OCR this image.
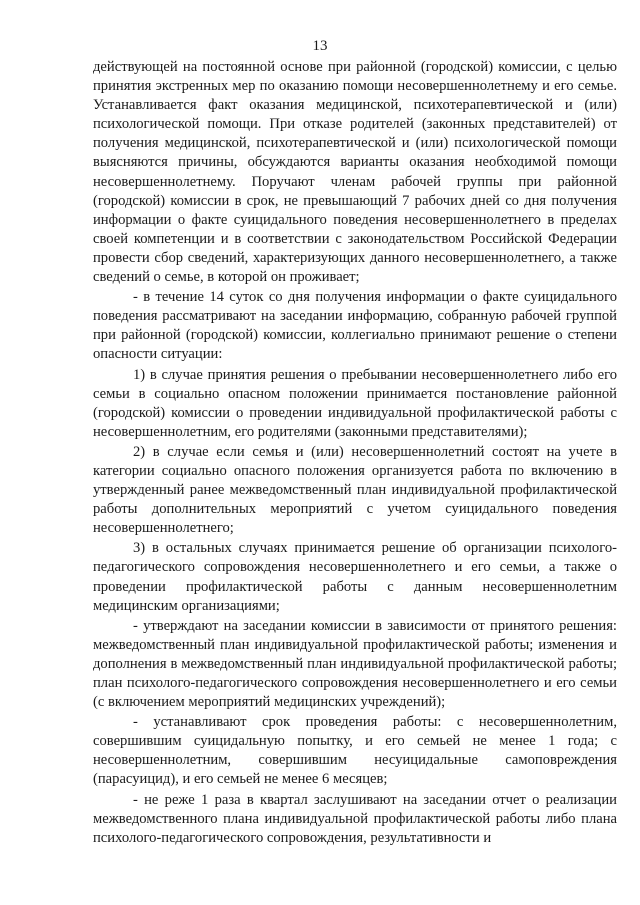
13

действующей на постоянной основе при районной (городской) комиссии, с целью принятия экстренных мер по оказанию помощи несовершеннолетнему и его семье. Устанавливается факт оказания медицинской, психотерапевтической и (или) психологической помощи. При отказе родителей (законных представителей) от получения медицинской, психотерапевтической и (или) психологической помощи выясняются причины, обсуждаются варианты оказания необходимой помощи несовершеннолетнему. Поручают членам рабочей группы при районной (городской) комиссии в срок, не превышающий 7 рабочих дней со дня получения информации о факте суицидального поведения несовершеннолетнего в пределах своей компетенции и в соответствии с законодательством Российской Федерации провести сбор сведений, характеризующих данного несовершеннолетнего, а также сведений о семье, в которой он проживает;

- в течение 14 суток со дня получения информации о факте суицидального поведения рассматривают на заседании информацию, собранную рабочей группой при районной (городской) комиссии, коллегиально принимают решение о степени опасности ситуации:

1) в случае принятия решения о пребывании несовершеннолетнего либо его семьи в социально опасном положении принимается постановление районной (городской) комиссии о проведении индивидуальной профилактической работы с несовершеннолетним, его родителями (законными представителями);

2) в случае если семья и (или) несовершеннолетний состоят на учете в категории социально опасного положения организуется работа по включению в утвержденный ранее межведомственный план индивидуальной профилактической работы дополнительных мероприятий с учетом суицидального поведения несовершеннолетнего;

3) в остальных случаях принимается решение об организации психолого-педагогического сопровождения несовершеннолетнего и его семьи, а также о проведении профилактической работы с данным несовершеннолетним медицинским организациями;

- утверждают на заседании комиссии в зависимости от принятого решения: межведомственный план индивидуальной профилактической работы; изменения и дополнения в межведомственный план индивидуальной профилактической работы; план психолого-педагогического сопровождения несовершеннолетнего и его семьи (с включением мероприятий медицинских учреждений);

- устанавливают срок проведения работы: с несовершеннолетним, совершившим суицидальную попытку, и его семьей не менее 1 года; с несовершеннолетним, совершившим несуицидальные самоповреждения (парасуицид), и его семьей не менее 6 месяцев;

- не реже 1 раза в квартал заслушивают на заседании отчет о реализации межведомственного плана индивидуальной профилактической работы либо плана психолого-педагогического сопровождения, результативности и
